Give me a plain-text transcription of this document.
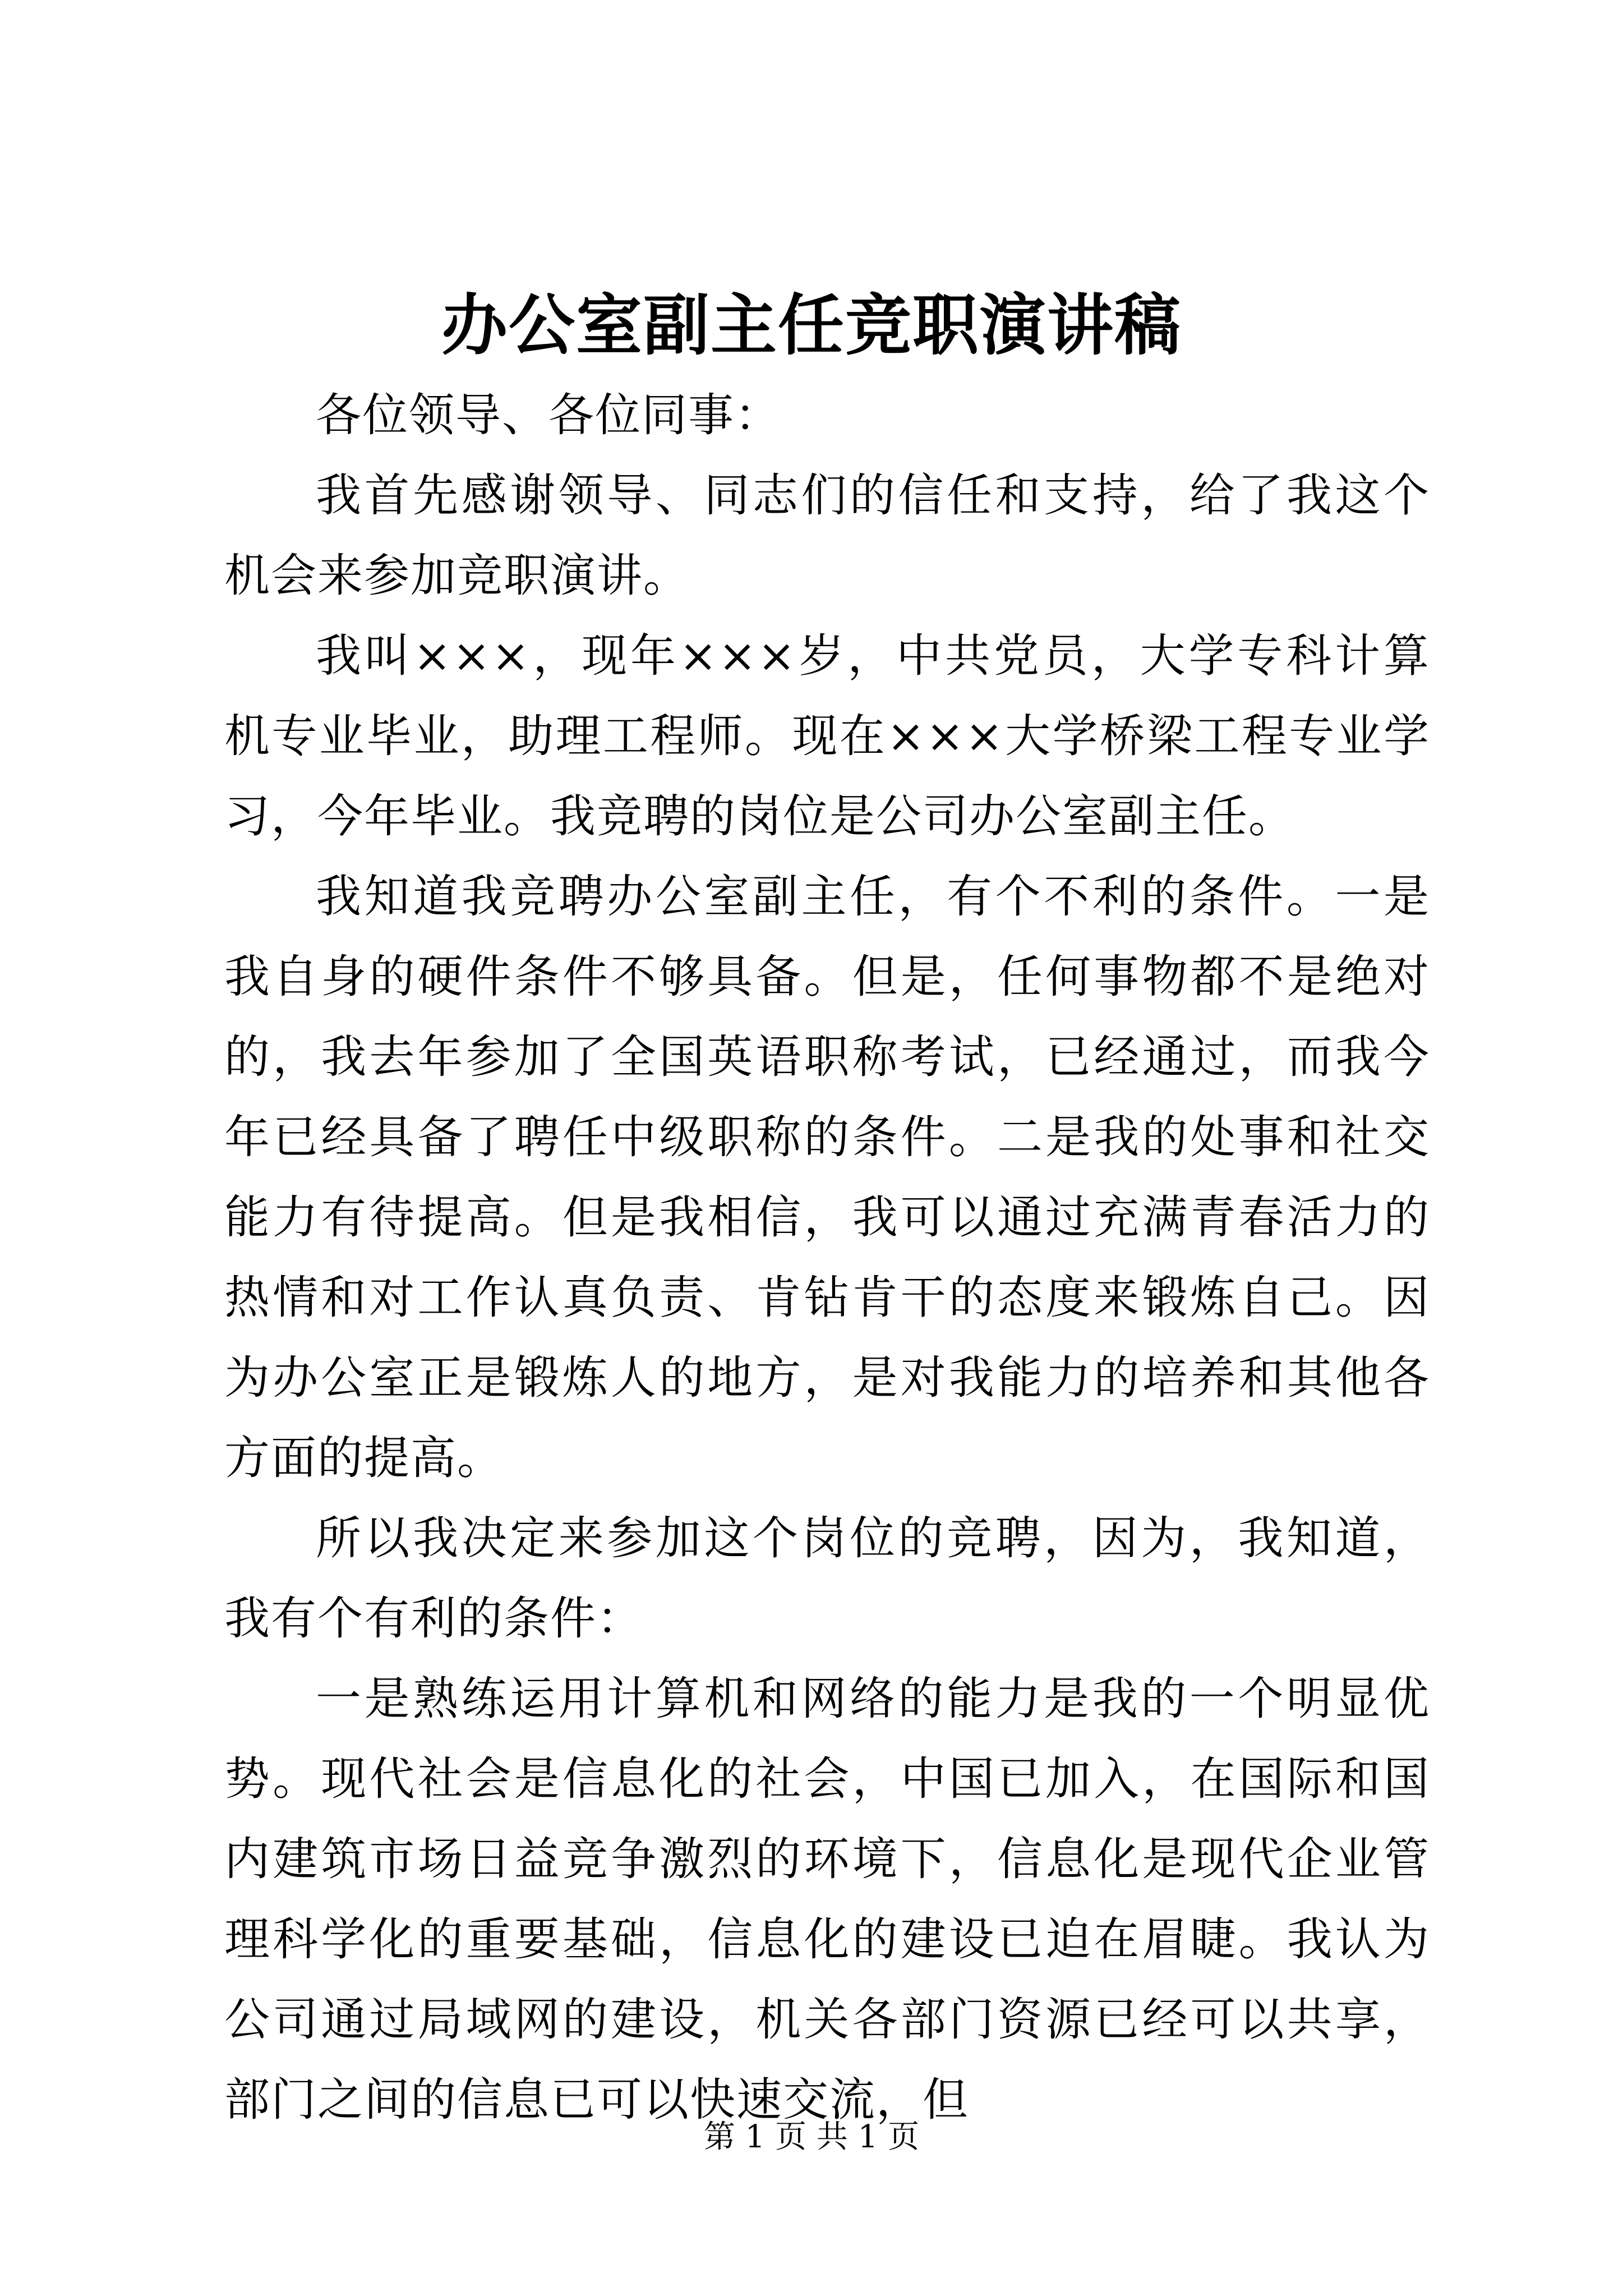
办公室副主任竞职演讲稿

各位领导、各位同事：

我首先感谢领导、同志们的信任和支持，给了我这个机会来参加竞职演讲。

我叫×××，现年×××岁，中共党员，大学专科计算机专业毕业，助理工程师。现在×××大学桥梁工程专业学习，今年毕业。我竞聘的岗位是公司办公室副主任。

我知道我竞聘办公室副主任，有个不利的条件。一是我自身的硬件条件不够具备。但是，任何事物都不是绝对的，我去年参加了全国英语职称考试，已经通过，而我今年已经具备了聘任中级职称的条件。二是我的处事和社交能力有待提高。但是我相信，我可以通过充满青春活力的热情和对工作认真负责、肯钻肯干的态度来锻炼自己。因为办公室正是锻炼人的地方，是对我能力的培养和其他各方面的提高。

所以我决定来参加这个岗位的竞聘，因为，我知道，我有个有利的条件：

一是熟练运用计算机和网络的能力是我的一个明显优势。现代社会是信息化的社会，中国已加入，在国际和国内建筑市场日益竞争激烈的环境下，信息化是现代企业管理科学化的重要基础，信息化的建设已迫在眉睫。我认为公司通过局域网的建设，机关各部门资源已经可以共享，部门之间的信息已可以快速交流，但

第 1 页 共 1 页
